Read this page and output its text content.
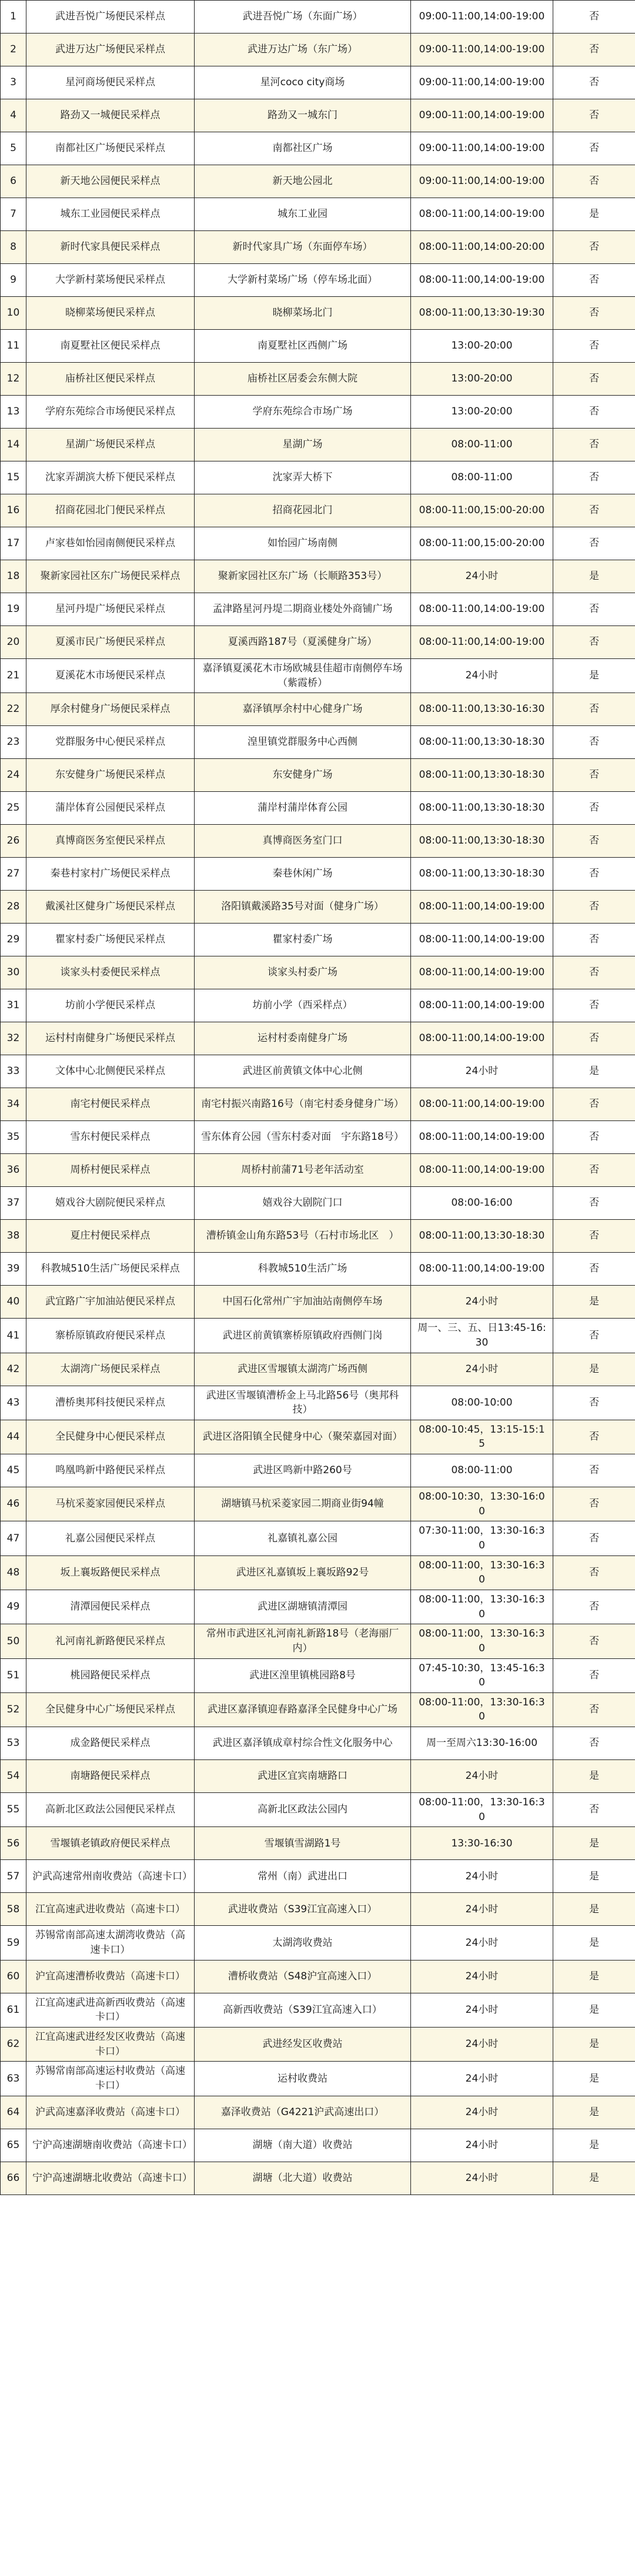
1	武进吾悦广场便民采样点	武进吾悦广场（东面广场）	09:00-11:00,14:00-19:00	否
2	武进万达广场便民采样点	武进万达广场（东广场）	09:00-11:00,14:00-19:00	否
3	星河商场便民采样点	星河coco city商场	09:00-11:00,14:00-19:00	否
4	路劲又一城便民采样点	路劲又一城东门	09:00-11:00,14:00-19:00	否
5	南都社区广场便民采样点	南都社区广场	09:00-11:00,14:00-19:00	否
6	新天地公园便民采样点	新天地公园北	09:00-11:00,14:00-19:00	否
7	城东工业园便民采样点	城东工业园	08:00-11:00,14:00-19:00	是
8	新时代家具便民采样点	新时代家具广场（东面停车场）	08:00-11:00,14:00-20:00	否
9	大学新村菜场便民采样点	大学新村菜场广场（停车场北面）	08:00-11:00,14:00-19:00	否
10	晓柳菜场便民采样点	晓柳菜场北门	08:00-11:00,13:30-19:30	否
11	南夏墅社区便民采样点	南夏墅社区西侧广场	13:00-20:00	否
12	庙桥社区便民采样点	庙桥社区居委会东侧大院	13:00-20:00	否
13	学府东苑综合市场便民采样点	学府东苑综合市场广场	13:00-20:00	否
14	星湖广场便民采样点	星湖广场	08:00-11:00	否
15	沈家弄湖滨大桥下便民采样点	沈家弄大桥下	08:00-11:00	否
16	招商花园北门便民采样点	招商花园北门	08:00-11:00,15:00-20:00	否
17	卢家巷如怡园南侧便民采样点	如怡园广场南侧	08:00-11:00,15:00-20:00	否
18	聚新家园社区东广场便民采样点	聚新家园社区东广场（长顺路353号）	24小时	是
19	星河丹堤广场便民采样点	孟津路星河丹堤二期商业楼处外商铺广场	08:00-11:00,14:00-19:00	否
20	夏溪市民广场便民采样点	夏溪西路187号（夏溪健身广场）	08:00-11:00,14:00-19:00	否
21	夏溪花木市场便民采样点	嘉泽镇夏溪花木市场欧城县佳超市南侧停车场（紫霞桥）	24小时	是
22	厚余村健身广场便民采样点	嘉泽镇厚余村中心健身广场	08:00-11:00,13:30-16:30	否
23	党群服务中心便民采样点	湟里镇党群服务中心西侧	08:00-11:00,13:30-18:30	否
24	东安健身广场便民采样点	东安健身广场	08:00-11:00,13:30-18:30	否
25	蒲岸体育公园便民采样点	蒲岸村蒲岸体育公园	08:00-11:00,13:30-18:30	否
26	真博商医务室便民采样点	真博商医务室门口	08:00-11:00,13:30-18:30	否
27	秦巷村家村广场便民采样点	秦巷休闲广场	08:00-11:00,13:30-18:30	否
28	戴溪社区健身广场便民采样点	洛阳镇戴溪路35号对面（健身广场）	08:00-11:00,14:00-19:00	否
29	瞿家村委广场便民采样点	瞿家村委广场	08:00-11:00,14:00-19:00	否
30	谈家头村委便民采样点	谈家头村委广场	08:00-11:00,14:00-19:00	否
31	坊前小学便民采样点	坊前小学（西采样点）	08:00-11:00,14:00-19:00	否
32	运村村南健身广场便民采样点	运村村委南健身广场	08:00-11:00,14:00-19:00	否
33	文体中心北侧便民采样点	武进区前黄镇文体中心北侧	24小时	是
34	南宅村便民采样点	南宅村振兴南路16号（南宅村委身健身广场）	08:00-11:00,14:00-19:00	否
35	雪东村便民采样点	雪东体育公园（雪东村委对面　宇东路18号）	08:00-11:00,14:00-19:00	否
36	周桥村便民采样点	周桥村前蒲71号老年活动室	08:00-11:00,14:00-19:00	否
37	嬉戏谷大剧院便民采样点	嬉戏谷大剧院门口	08:00-16:00	否
38	夏庄村便民采样点	漕桥镇金山角东路53号（石村市场北区　）	08:00-11:00,13:30-18:30	否
39	科教城510生活广场便民采样点	科教城510生活广场	08:00-11:00,14:00-19:00	否
40	武宜路广宇加油站便民采样点	中国石化常州广宇加油站南侧停车场	24小时	是
41	寨桥原镇政府便民采样点	武进区前黄镇寨桥原镇政府西侧门岗	周一、三、五、日13:45-16:30	否
42	太湖湾广场便民采样点	武进区雪堰镇太湖湾广场西侧	24小时	是
43	漕桥奥邦科技便民采样点	武进区雪堰镇漕桥金上马北路56号（奥邦科技）	08:00-10:00	否
44	全民健身中心便民采样点	武进区洛阳镇全民健身中心（聚荣嘉园对面）	08:00-10:45，13:15-15:15	否
45	鸣凰鸣新中路便民采样点	武进区鸣新中路260号	08:00-11:00	否
46	马杭采菱家园便民采样点	湖塘镇马杭采菱家园二期商业街94幢	08:00-10:30，13:30-16:00	否
47	礼嘉公园便民采样点	礼嘉镇礼嘉公园	07:30-11:00，13:30-16:30	否
48	坂上襄坂路便民采样点	武进区礼嘉镇坂上襄坂路92号	08:00-11:00，13:30-16:30	否
49	清潭园便民采样点	武进区湖塘镇清潭园	08:00-11:00，13:30-16:30	否
50	礼河南礼新路便民采样点	常州市武进区礼河南礼新路18号（老海丽厂内）	08:00-11:00，13:30-16:30	否
51	桃园路便民采样点	武进区湟里镇桃园路8号	07:45-10:30，13:45-16:30	否
52	全民健身中心广场便民采样点	武进区嘉泽镇迎春路嘉泽全民健身中心广场	08:00-11:00，13:30-16:30	否
53	成金路便民采样点	武进区嘉泽镇成章村综合性文化服务中心	周一至周六13:30-16:00	否
54	南塘路便民采样点	武进区宜宾南塘路口	24小时	是
55	高新北区政法公园便民采样点	高新北区政法公园内	08:00-11:00，13:30-16:30	否
56	雪堰镇老镇政府便民采样点	雪堰镇雪湖路1号	13:30-16:30	是
57	沪武高速常州南收费站（高速卡口）	常州（南）武进出口	24小时	是
58	江宜高速武进收费站（高速卡口）	武进收费站（S39江宜高速入口）	24小时	是
59	苏锡常南部高速太湖湾收费站（高速卡口）	太湖湾收费站	24小时	是
60	沪宜高速漕桥收费站（高速卡口）	漕桥收费站（S48沪宜高速入口）	24小时	是
61	江宜高速武进高新西收费站（高速卡口）	高新西收费站（S39江宜高速入口）	24小时	是
62	江宜高速武进经发区收费站（高速卡口）	武进经发区收费站	24小时	是
63	苏锡常南部高速运村收费站（高速卡口）	运村收费站	24小时	是
64	沪武高速嘉泽收费站（高速卡口）	嘉泽收费站（G4221沪武高速出口）	24小时	是
65	宁沪高速湖塘南收费站（高速卡口）	湖塘（南大道）收费站	24小时	是
66	宁沪高速湖塘北收费站（高速卡口）	湖塘（北大道）收费站	24小时	是
